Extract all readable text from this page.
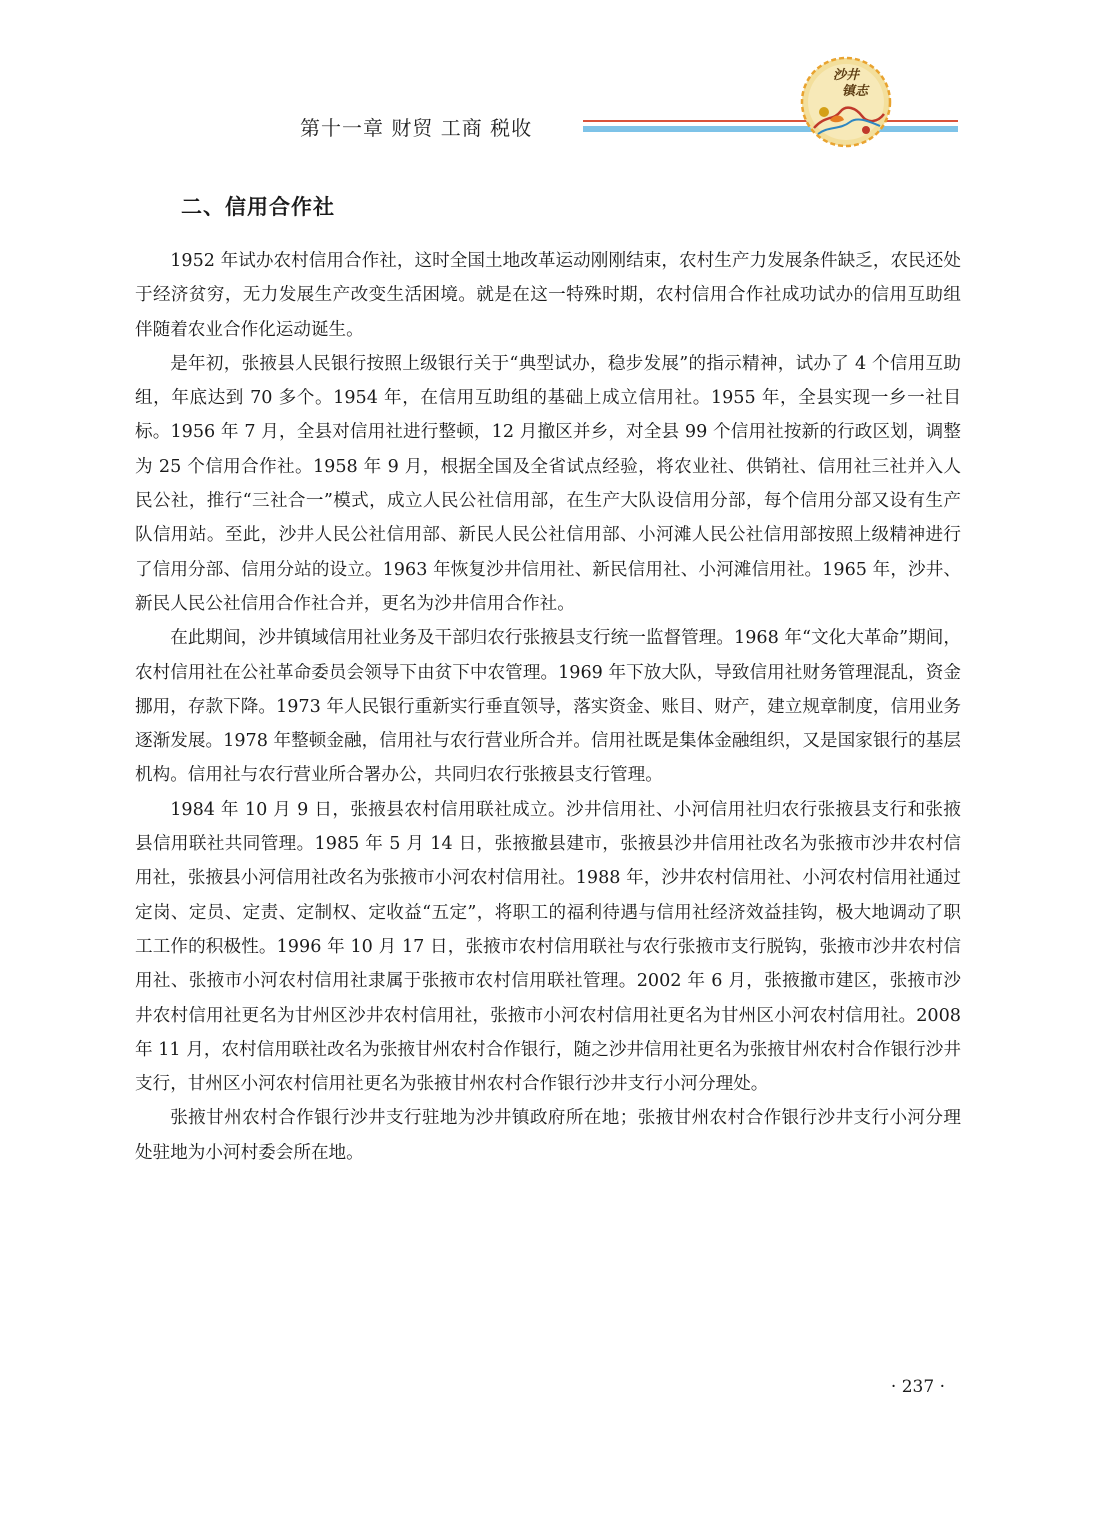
第十一章 财贸 工商 税收
沙井
镇志
二、信用合作社

1952 年试办农村信用合作社，这时全国土地改革运动刚刚结束，农村生产力发展条件缺乏，农民还处于经济贫穷，无力发展生产改变生活困境。就是在这一特殊时期，农村信用合作社成功试办的信用互助组伴随着农业合作化运动诞生。

是年初，张掖县人民银行按照上级银行关于“典型试办，稳步发展”的指示精神，试办了 4 个信用互助组，年底达到 70 多个。1954 年，在信用互助组的基础上成立信用社。1955 年，全县实现一乡一社目标。1956 年 7 月，全县对信用社进行整顿，12 月撤区并乡，对全县 99 个信用社按新的行政区划，调整为 25 个信用合作社。1958 年 9 月，根据全国及全省试点经验，将农业社、供销社、信用社三社并入人民公社，推行“三社合一”模式，成立人民公社信用部，在生产大队设信用分部，每个信用分部又设有生产队信用站。至此，沙井人民公社信用部、新民人民公社信用部、小河滩人民公社信用部按照上级精神进行了信用分部、信用分站的设立。1963 年恢复沙井信用社、新民信用社、小河滩信用社。1965 年，沙井、新民人民公社信用合作社合并，更名为沙井信用合作社。

在此期间，沙井镇域信用社业务及干部归农行张掖县支行统一监督管理。1968 年“文化大革命”期间，农村信用社在公社革命委员会领导下由贫下中农管理。1969 年下放大队，导致信用社财务管理混乱，资金挪用，存款下降。1973 年人民银行重新实行垂直领导，落实资金、账目、财产，建立规章制度，信用业务逐渐发展。1978 年整顿金融，信用社与农行营业所合并。信用社既是集体金融组织，又是国家银行的基层机构。信用社与农行营业所合署办公，共同归农行张掖县支行管理。

1984 年 10 月 9 日，张掖县农村信用联社成立。沙井信用社、小河信用社归农行张掖县支行和张掖县信用联社共同管理。1985 年 5 月 14 日，张掖撤县建市，张掖县沙井信用社改名为张掖市沙井农村信用社，张掖县小河信用社改名为张掖市小河农村信用社。1988 年，沙井农村信用社、小河农村信用社通过定岗、定员、定责、定制权、定收益“五定”，将职工的福利待遇与信用社经济效益挂钩，极大地调动了职工工作的积极性。1996 年 10 月 17 日，张掖市农村信用联社与农行张掖市支行脱钩，张掖市沙井农村信用社、张掖市小河农村信用社隶属于张掖市农村信用联社管理。2002 年 6 月，张掖撤市建区，张掖市沙井农村信用社更名为甘州区沙井农村信用社，张掖市小河农村信用社更名为甘州区小河农村信用社。2008 年 11 月，农村信用联社改名为张掖甘州农村合作银行，随之沙井信用社更名为张掖甘州农村合作银行沙井支行，甘州区小河农村信用社更名为张掖甘州农村合作银行沙井支行小河分理处。

张掖甘州农村合作银行沙井支行驻地为沙井镇政府所在地；张掖甘州农村合作银行沙井支行小河分理处驻地为小河村委会所在地。

· 237 ·
